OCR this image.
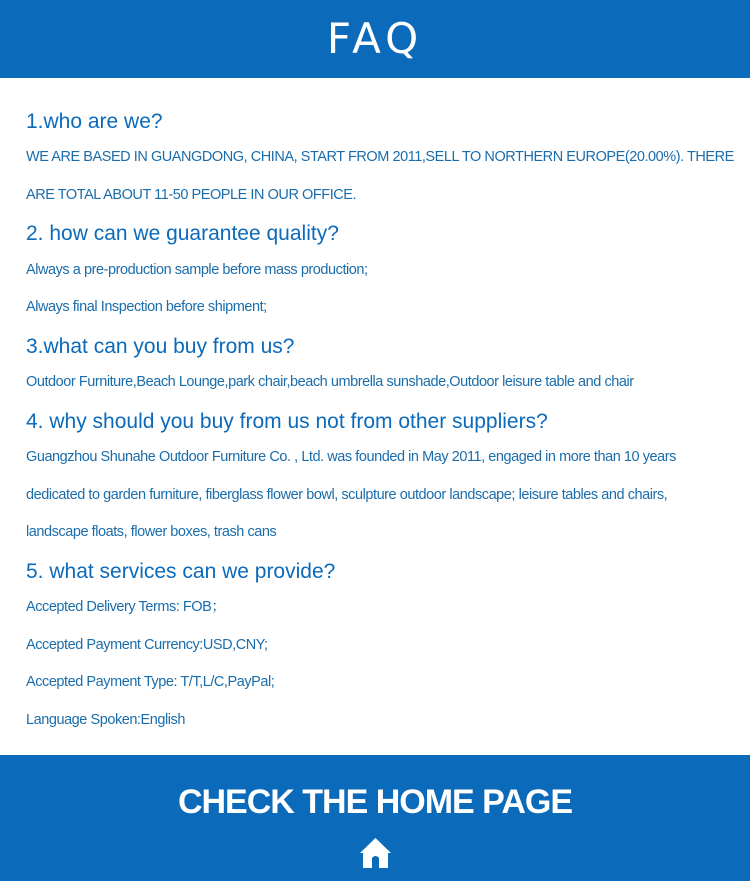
FAQ
1.who are we?
WE ARE BASED IN GUANGDONG, CHINA, START FROM 2011,SELL TO NORTHERN EUROPE(20.00%). THERE
ARE TOTAL ABOUT 11-50 PEOPLE IN OUR OFFICE.
2. how can we guarantee quality?
Always a pre-production sample before mass production;
Always final Inspection before shipment;
3.what can you buy from us?
Outdoor Furniture,Beach Lounge,park chair,beach umbrella sunshade,Outdoor leisure table and chair
4. why should you buy from us not from other suppliers?
Guangzhou Shunahe Outdoor Furniture Co. , Ltd. was founded in May 2011, engaged in more than 10 years
dedicated to garden furniture, fiberglass flower bowl, sculpture outdoor landscape; leisure tables and chairs,
landscape floats, flower boxes, trash cans
5. what services can we provide?
Accepted Delivery Terms: FOB；
Accepted Payment Currency:USD,CNY;
Accepted Payment Type: T/T,L/C,PayPal;
Language Spoken:English
CHECK THE HOME PAGE
